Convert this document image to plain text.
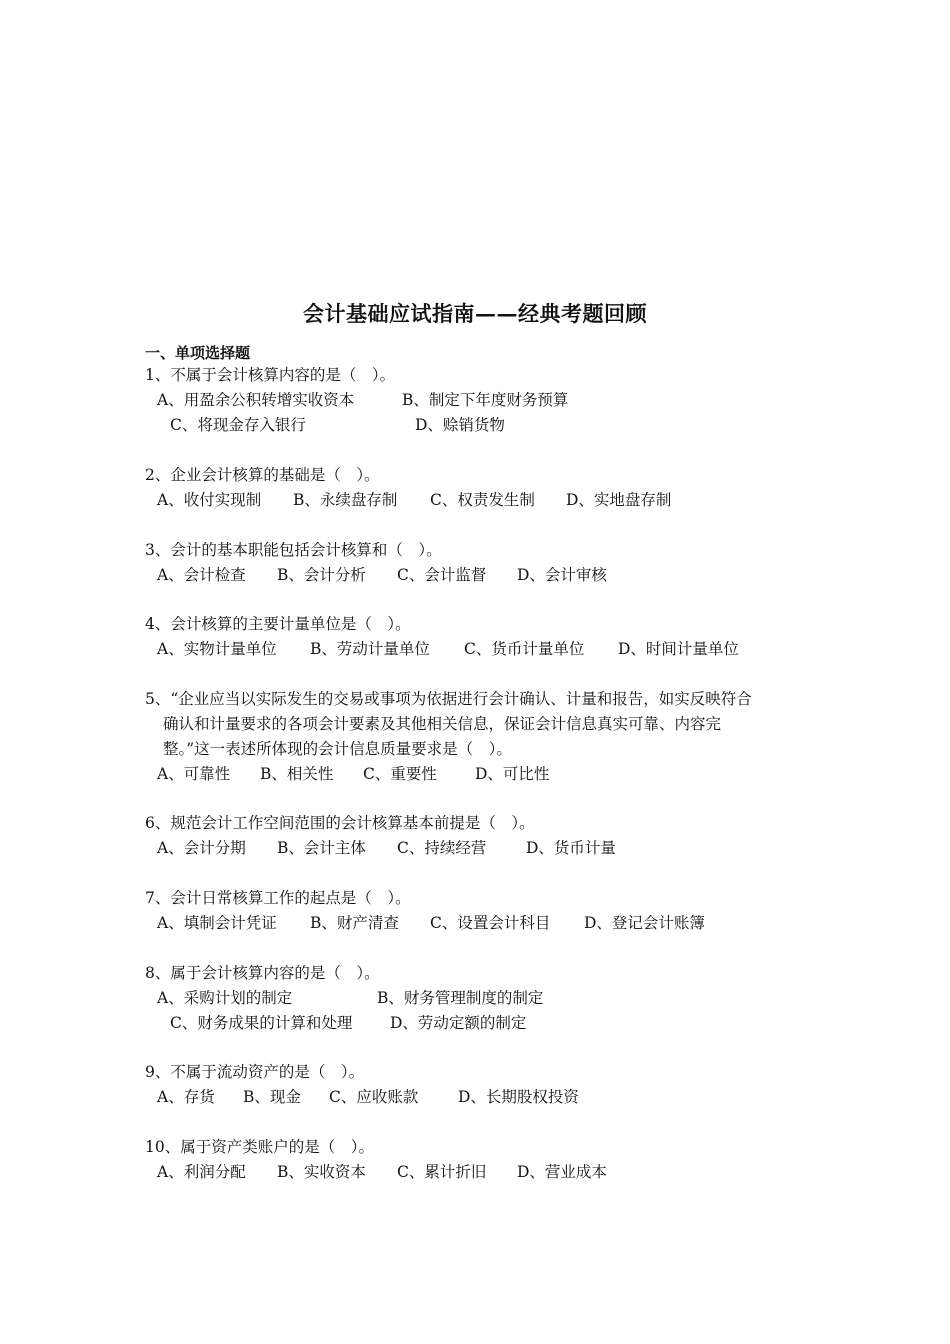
会计基础应试指南——经典考题回顾
一、单项选择题
1、不属于会计核算内容的是（　）。
A、用盈余公积转增实收资本	B、制定下年度财务预算
C、将现金存入银行	D、赊销货物
2、企业会计核算的基础是（　）。
A、收付实现制 B、永续盘存制 C、权责发生制 D、实地盘存制
3、会计的基本职能包括会计核算和（　）。
A、会计检查 B、会计分析 C、会计监督 D、会计审核
4、会计核算的主要计量单位是（　）。
A、实物计量单位 B、劳动计量单位 C、货币计量单位 D、时间计量单位
5、“企业应当以实际发生的交易或事项为依据进行会计确认、计量和报告，如实反映符合
确认和计量要求的各项会计要素及其他相关信息，保证会计信息真实可靠、内容完
整。”这一表述所体现的会计信息质量要求是（　）。
A、可靠性 B、相关性 C、重要性 D、可比性
6、规范会计工作空间范围的会计核算基本前提是（　）。
A、会计分期 B、会计主体 C、持续经营	D、货币计量
7、会计日常核算工作的起点是（　）。
A、填制会计凭证 B、财产清查 C、设置会计科目 D、登记会计账簿
8、属于会计核算内容的是（　）。
A、采购计划的制定	B、财务管理制度的制定
C、财务成果的计算和处理 D、劳动定额的制定
9、不属于流动资产的是（　）。
A、存货 B、现金 C、应收账款	D、长期股权投资
10、属于资产类账户的是（　）。
A、利润分配 B、实收资本 C、累计折旧 D、营业成本
